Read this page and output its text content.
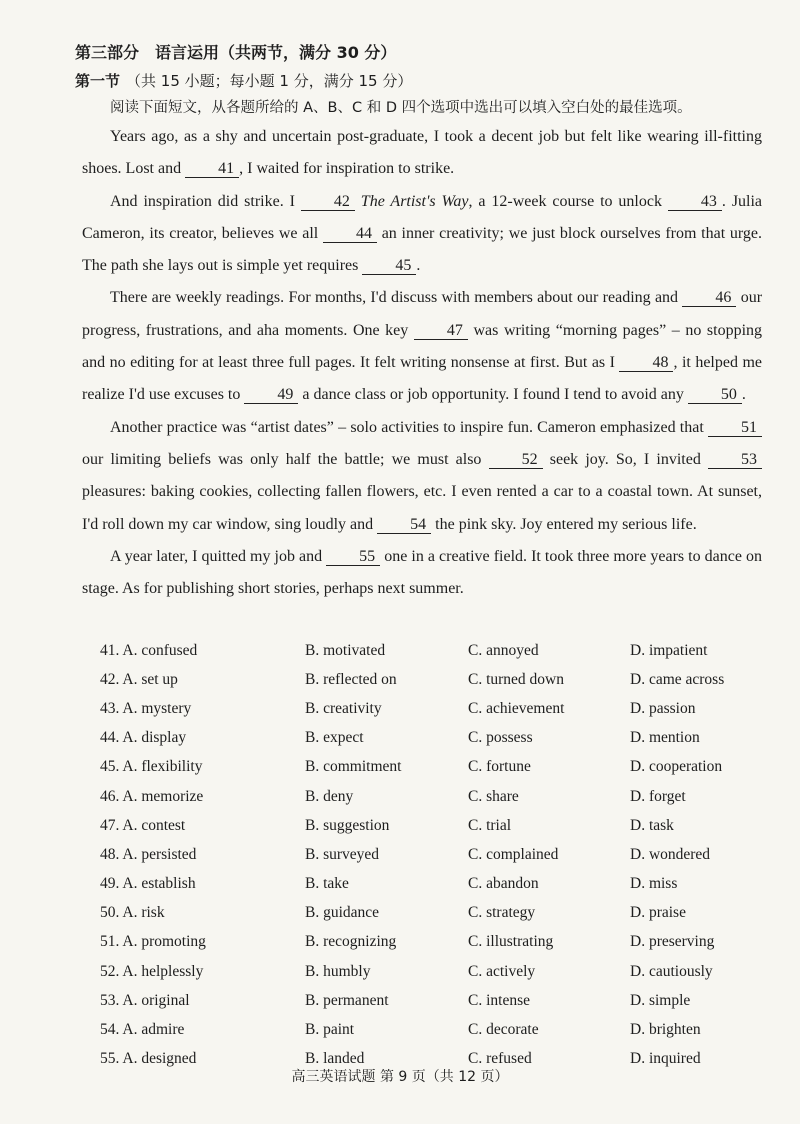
第三部分　语言运用（共两节，满分 30 分）
第一节 （共 15 小题；每小题 1 分，满分 15 分）
阅读下面短文，从各题所给的 A、B、C 和 D 四个选项中选出可以填入空白处的最佳选项。

Years ago, as a shy and uncertain post-graduate, I took a decent job but felt like wearing ill-fitting shoes. Lost and 41 , I waited for inspiration to strike.

And inspiration did strike. I 42 The Artist's Way, a 12-week course to unlock 43 . Julia Cameron, its creator, believes we all 44 an inner creativity; we just block ourselves from that urge. The path she lays out is simple yet requires 45 .

There are weekly readings. For months, I'd discuss with members about our reading and 46 our progress, frustrations, and aha moments. One key 47 was writing “morning pages” – no stopping and no editing for at least three full pages. It felt writing nonsense at first. But as I 48 , it helped me realize I'd use excuses to 49 a dance class or job opportunity. I found I tend to avoid any 50 .

Another practice was “artist dates” – solo activities to inspire fun. Cameron emphasized that 51 our limiting beliefs was only half the battle; we must also	52 seek joy. So, I invited	53 pleasures: baking cookies, collecting fallen flowers, etc. I even rented a car to a coastal town. At sunset, I'd roll down my car window, sing loudly and 54 the pink sky. Joy entered my serious life.

A year later, I quitted my job and 55 one in a creative field. It took three more years to dance on stage. As for publishing short stories, perhaps next summer.

41. A. confused	B. motivated	C. annoyed	D. impatient
42. A. set up	B. reflected on	C. turned down	D. came across
43. A. mystery	B. creativity	C. achievement	D. passion
44. A. display	B. expect	C. possess	D. mention
45. A. flexibility	B. commitment	C. fortune	D. cooperation
46. A. memorize	B. deny	C. share	D. forget
47. A. contest	B. suggestion	C. trial	D. task
48. A. persisted	B. surveyed	C. complained	D. wondered
49. A. establish	B. take	C. abandon	D. miss
50. A. risk	B. guidance	C. strategy	D. praise
51. A. promoting	B. recognizing	C. illustrating	D. preserving
52. A. helplessly	B. humbly	C. actively	D. cautiously
53. A. original	B. permanent	C. intense	D. simple
54. A. admire	B. paint	C. decorate	D. brighten
55. A. designed	B. landed	C. refused	D. inquired
高三英语试题 第 9 页（共 12 页）
